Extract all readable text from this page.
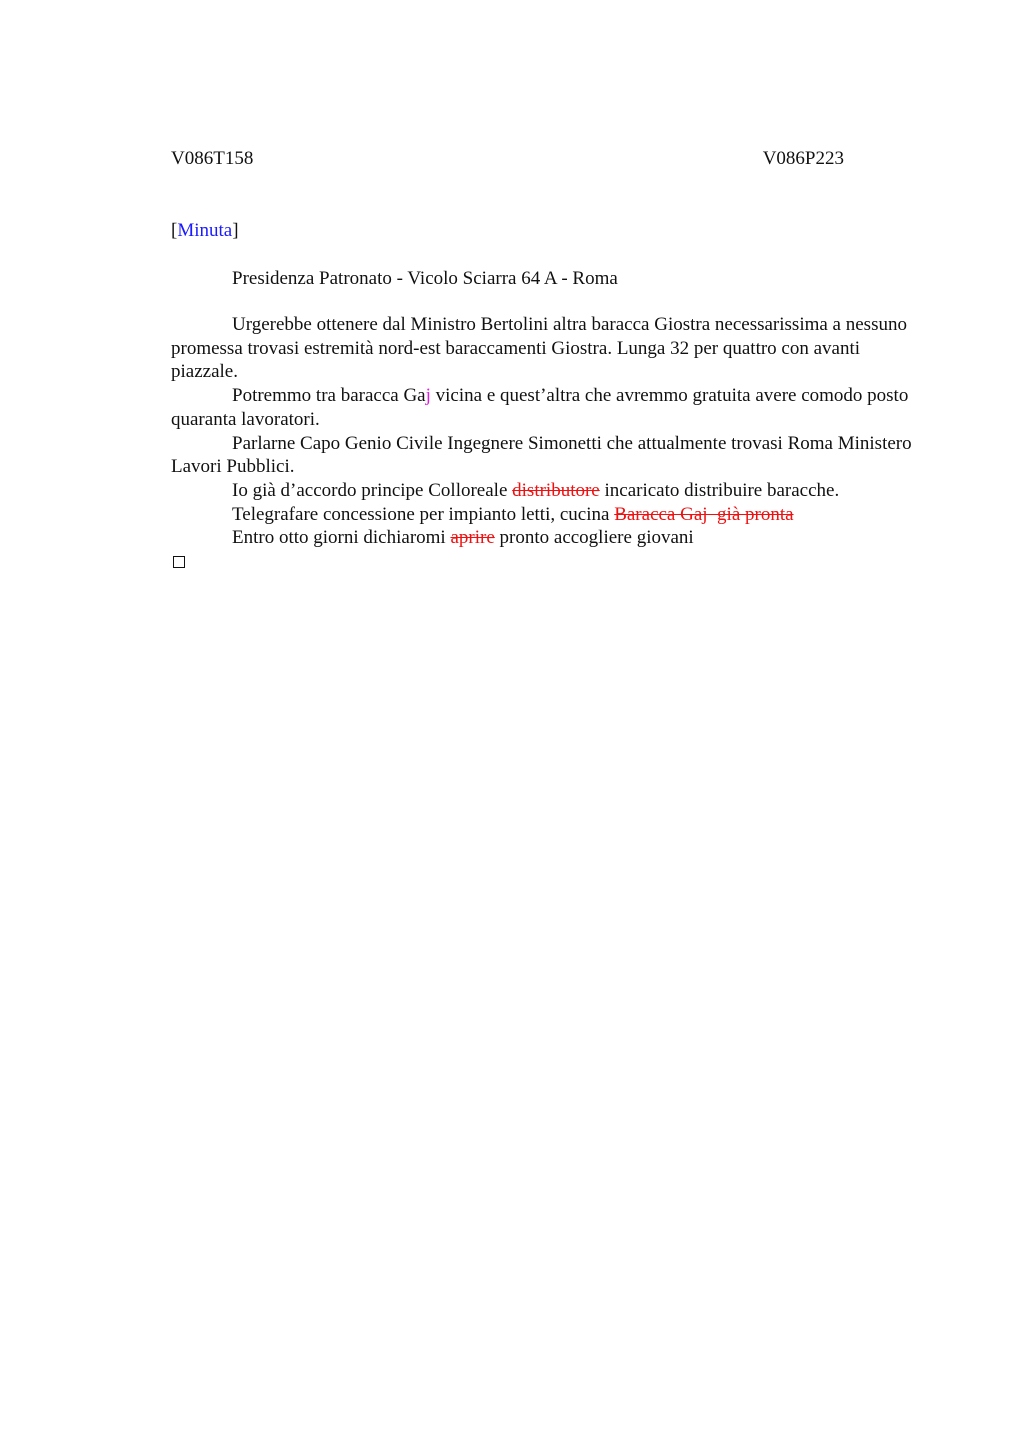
V086T158	V086P223
[Minuta]
Presidenza Patronato - Vicolo Sciarra 64 A - Roma

Urgerebbe ottenere dal Ministro Bertolini altra baracca Giostra necessarissima a nessuno promessa trovasi estremità nord-est baraccamenti Giostra. Lunga 32 per quattro con avanti piazzale.

Potremmo tra baracca Gaj vicina e quest’altra che avremmo gratuita avere comodo posto quaranta lavoratori.

Parlarne Capo Genio Civile Ingegnere Simonetti che attualmente trovasi Roma Ministero Lavori Pubblici.

Io già d’accordo principe Colloreale distributore incaricato distribuire baracche.

Telegrafare concessione per impianto letti, cucina Baracca Gaj  già pronta

Entro otto giorni dichiaromi aprire pronto accogliere giovani
